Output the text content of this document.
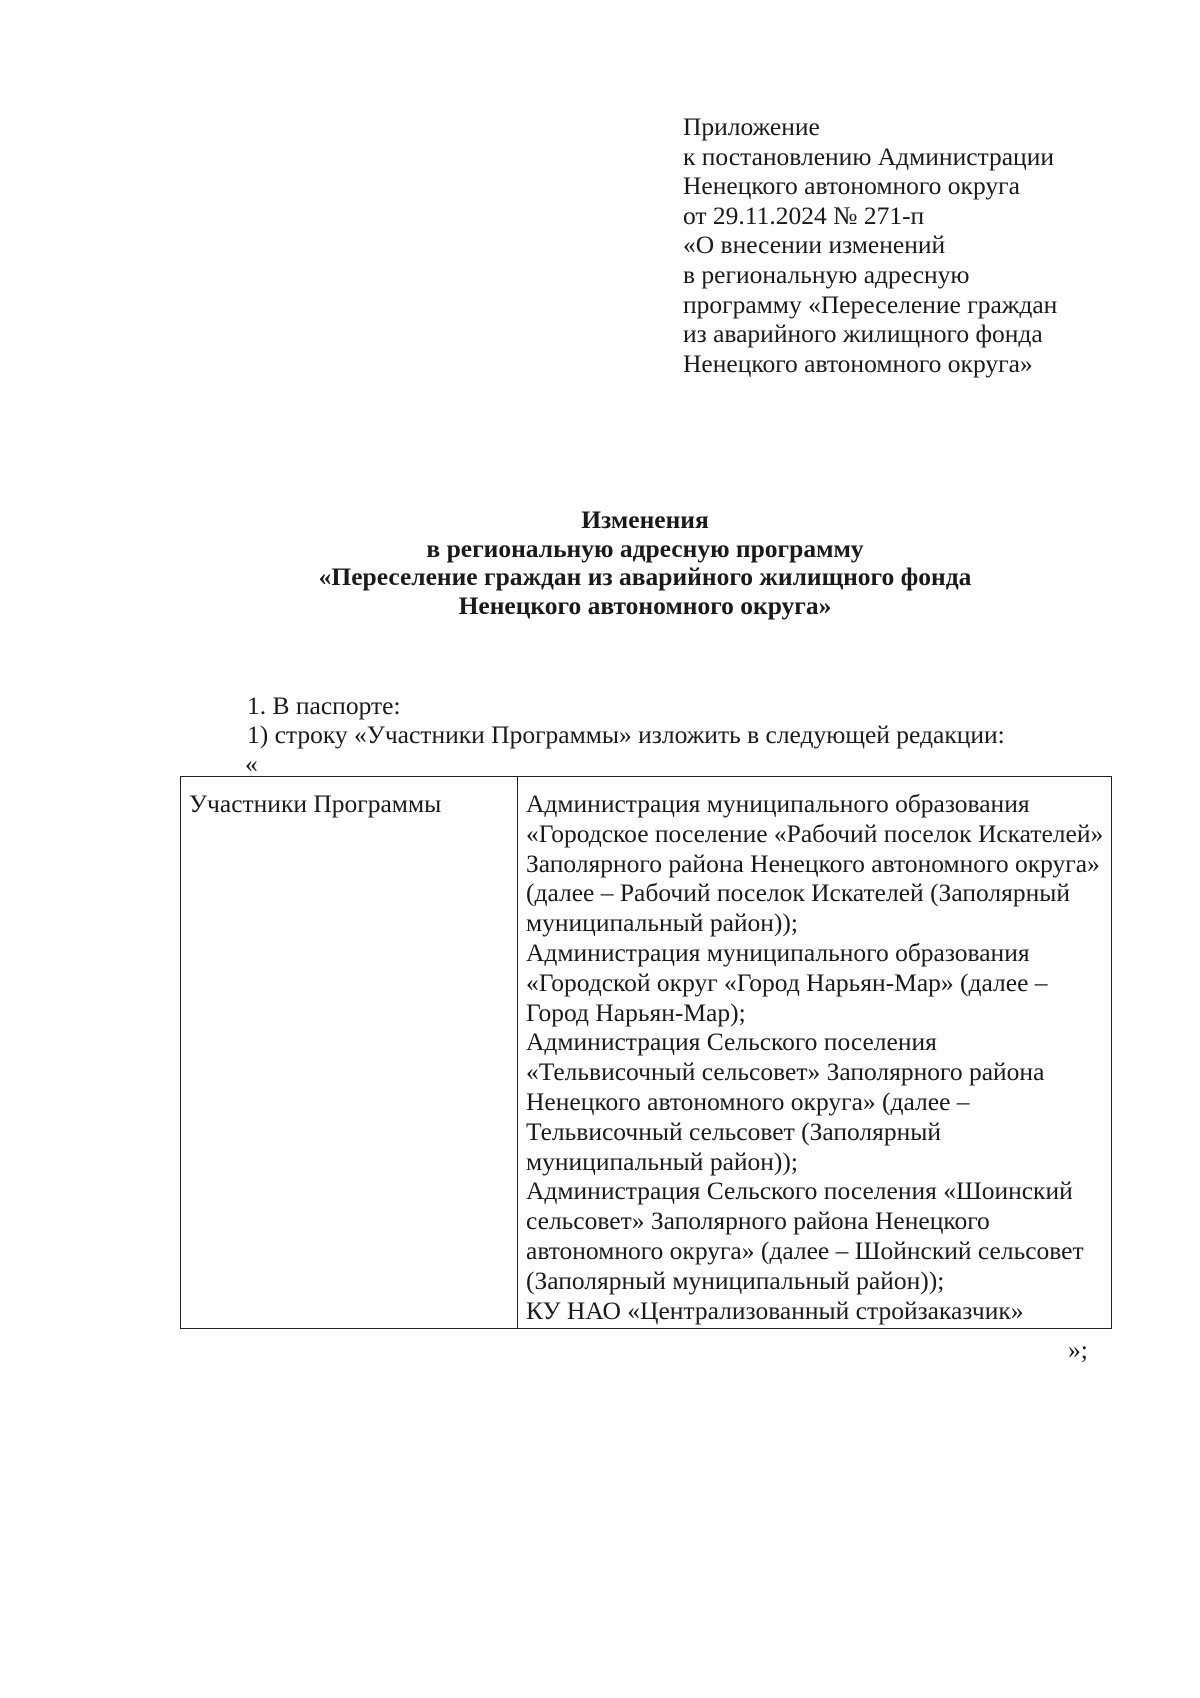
Приложение
к постановлению Администрации
Ненецкого автономного округа
от 29.11.2024 № 271-п
«О внесении изменений
в региональную адресную
программу «Переселение граждан
из аварийного жилищного фонда
Ненецкого автономного округа»
Изменения
в региональную адресную программу
«Переселение граждан из аварийного жилищного фонда
Ненецкого автономного округа»
1. В паспорте:
1) строку «Участники Программы» изложить в следующей редакции:
«
Участники Программы	Администрация муниципального образования
«Городское поселение «Рабочий поселок Искателей»
Заполярного района Ненецкого автономного округа»
(далее – Рабочий поселок Искателей (Заполярный
муниципальный район));
Администрация муниципального образования
«Городской округ «Город Нарьян-Мар» (далее –
Город Нарьян-Мар);
Администрация Сельского поселения
«Тельвисочный сельсовет» Заполярного района
Ненецкого автономного округа» (далее –
Тельвисочный сельсовет (Заполярный
муниципальный район));
Администрация Сельского поселения «Шоинский
сельсовет» Заполярного района Ненецкого
автономного округа» (далее – Шойнский сельсовет
(Заполярный муниципальный район));
КУ НАО «Централизованный стройзаказчик»
»;
